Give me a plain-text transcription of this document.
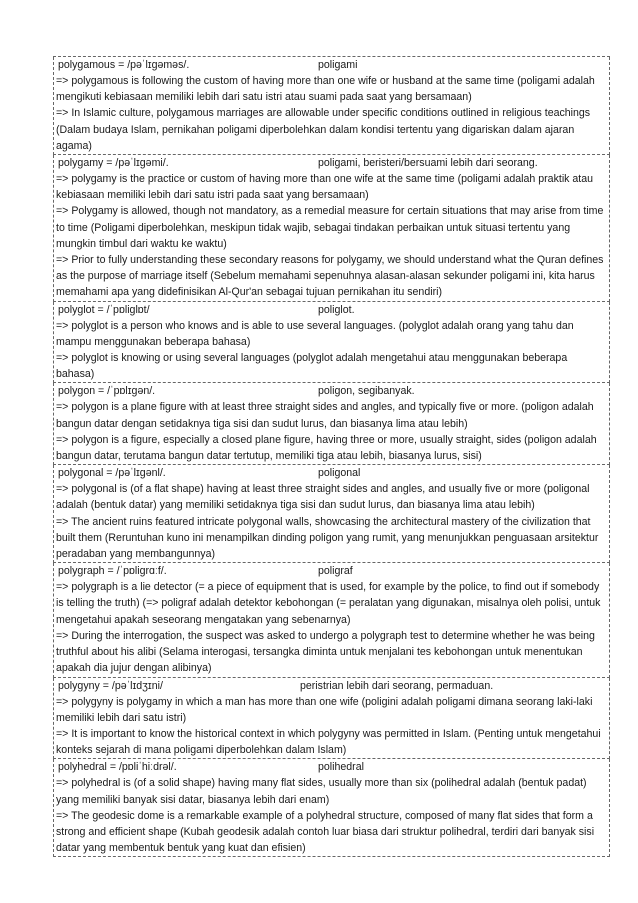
polygamous = /pəˈlɪɡəməs/.	poligami

=> polygamous is following the custom of having more than one wife or husband at the same time (poligami adalah mengikuti kebiasaan memiliki lebih dari satu istri atau suami pada saat yang bersamaan)

=> In Islamic culture, polygamous marriages are allowable under specific conditions outlined in religious teachings (Dalam budaya Islam, pernikahan poligami diperbolehkan dalam kondisi tertentu yang digariskan dalam ajaran agama)

polygamy = /pəˈlɪɡəmi/.	poligami, beristeri/bersuami lebih dari seorang.

=> polygamy is the practice or custom of having more than one wife at the same time (poligami adalah praktik atau kebiasaan memiliki lebih dari satu istri pada saat yang bersamaan)

=> Polygamy is allowed, though not mandatory, as a remedial measure for certain situations that may arise from time to time (Poligami diperbolehkan, meskipun tidak wajib, sebagai tindakan perbaikan untuk situasi tertentu yang mungkin timbul dari waktu ke waktu)

=> Prior to fully understanding these secondary reasons for polygamy, we should understand what the Quran defines as the purpose of marriage itself (Sebelum memahami sepenuhnya alasan-alasan sekunder poligami ini, kita harus memahami apa yang didefinisikan Al-Qur'an sebagai tujuan pernikahan itu sendiri)

polyglot = /ˈpɒliɡlɒt/	poliglot.

=> polyglot is a person who knows and is able to use several languages. (polyglot adalah orang yang tahu dan mampu menggunakan beberapa bahasa)

=> polyglot is knowing or using several languages (polyglot adalah mengetahui atau menggunakan beberapa bahasa)

polygon = /ˈpɒlɪɡən/.	poligon, segibanyak.

=> polygon is a plane figure with at least three straight sides and angles, and typically five or more. (poligon adalah bangun datar dengan setidaknya tiga sisi dan sudut lurus, dan biasanya lima atau lebih)

=> polygon is a figure, especially a closed plane figure, having three or more, usually straight, sides (poligon adalah bangun datar, terutama bangun datar tertutup, memiliki tiga atau lebih, biasanya lurus, sisi)

polygonal = /pəˈlɪɡənl/.	poligonal

=> polygonal is (of a flat shape) having at least three straight sides and angles, and usually five or more (poligonal adalah (bentuk datar) yang memiliki setidaknya tiga sisi dan sudut lurus, dan biasanya lima atau lebih)

=> The ancient ruins featured intricate polygonal walls, showcasing the architectural mastery of the civilization that built them (Reruntuhan kuno ini menampilkan dinding poligon yang rumit, yang menunjukkan penguasaan arsitektur peradaban yang membangunnya)

polygraph = /ˈpɒliɡrɑːf/.	poligraf

=> polygraph is a lie detector (= a piece of equipment that is used, for example by the police, to find out if somebody is telling the truth) (=> poligraf adalah detektor kebohongan (= peralatan yang digunakan, misalnya oleh polisi, untuk mengetahui apakah seseorang mengatakan yang sebenarnya)

=> During the interrogation, the suspect was asked to undergo a polygraph test to determine whether he was being truthful about his alibi (Selama interogasi, tersangka diminta untuk menjalani tes kebohongan untuk menentukan apakah dia jujur dengan alibinya)

polygyny = /pəˈlɪdʒɪni/	peristrian lebih dari seorang, permaduan.

=> polygyny is polygamy in which a man has more than one wife (poligini adalah poligami dimana seorang laki-laki memiliki lebih dari satu istri)

=> It is important to know the historical context in which polygyny was permitted in Islam. (Penting untuk mengetahui konteks sejarah di mana poligami diperbolehkan dalam Islam)

polyhedral = /pɒliˈhiːdrəl/.	polihedral

=> polyhedral is (of a solid shape) having many flat sides, usually more than six (polihedral adalah (bentuk padat) yang memiliki banyak sisi datar, biasanya lebih dari enam)

=> The geodesic dome is a remarkable example of a polyhedral structure, composed of many flat sides that form a strong and efficient shape (Kubah geodesik adalah contoh luar biasa dari struktur polihedral, terdiri dari banyak sisi datar yang membentuk bentuk yang kuat dan efisien)
